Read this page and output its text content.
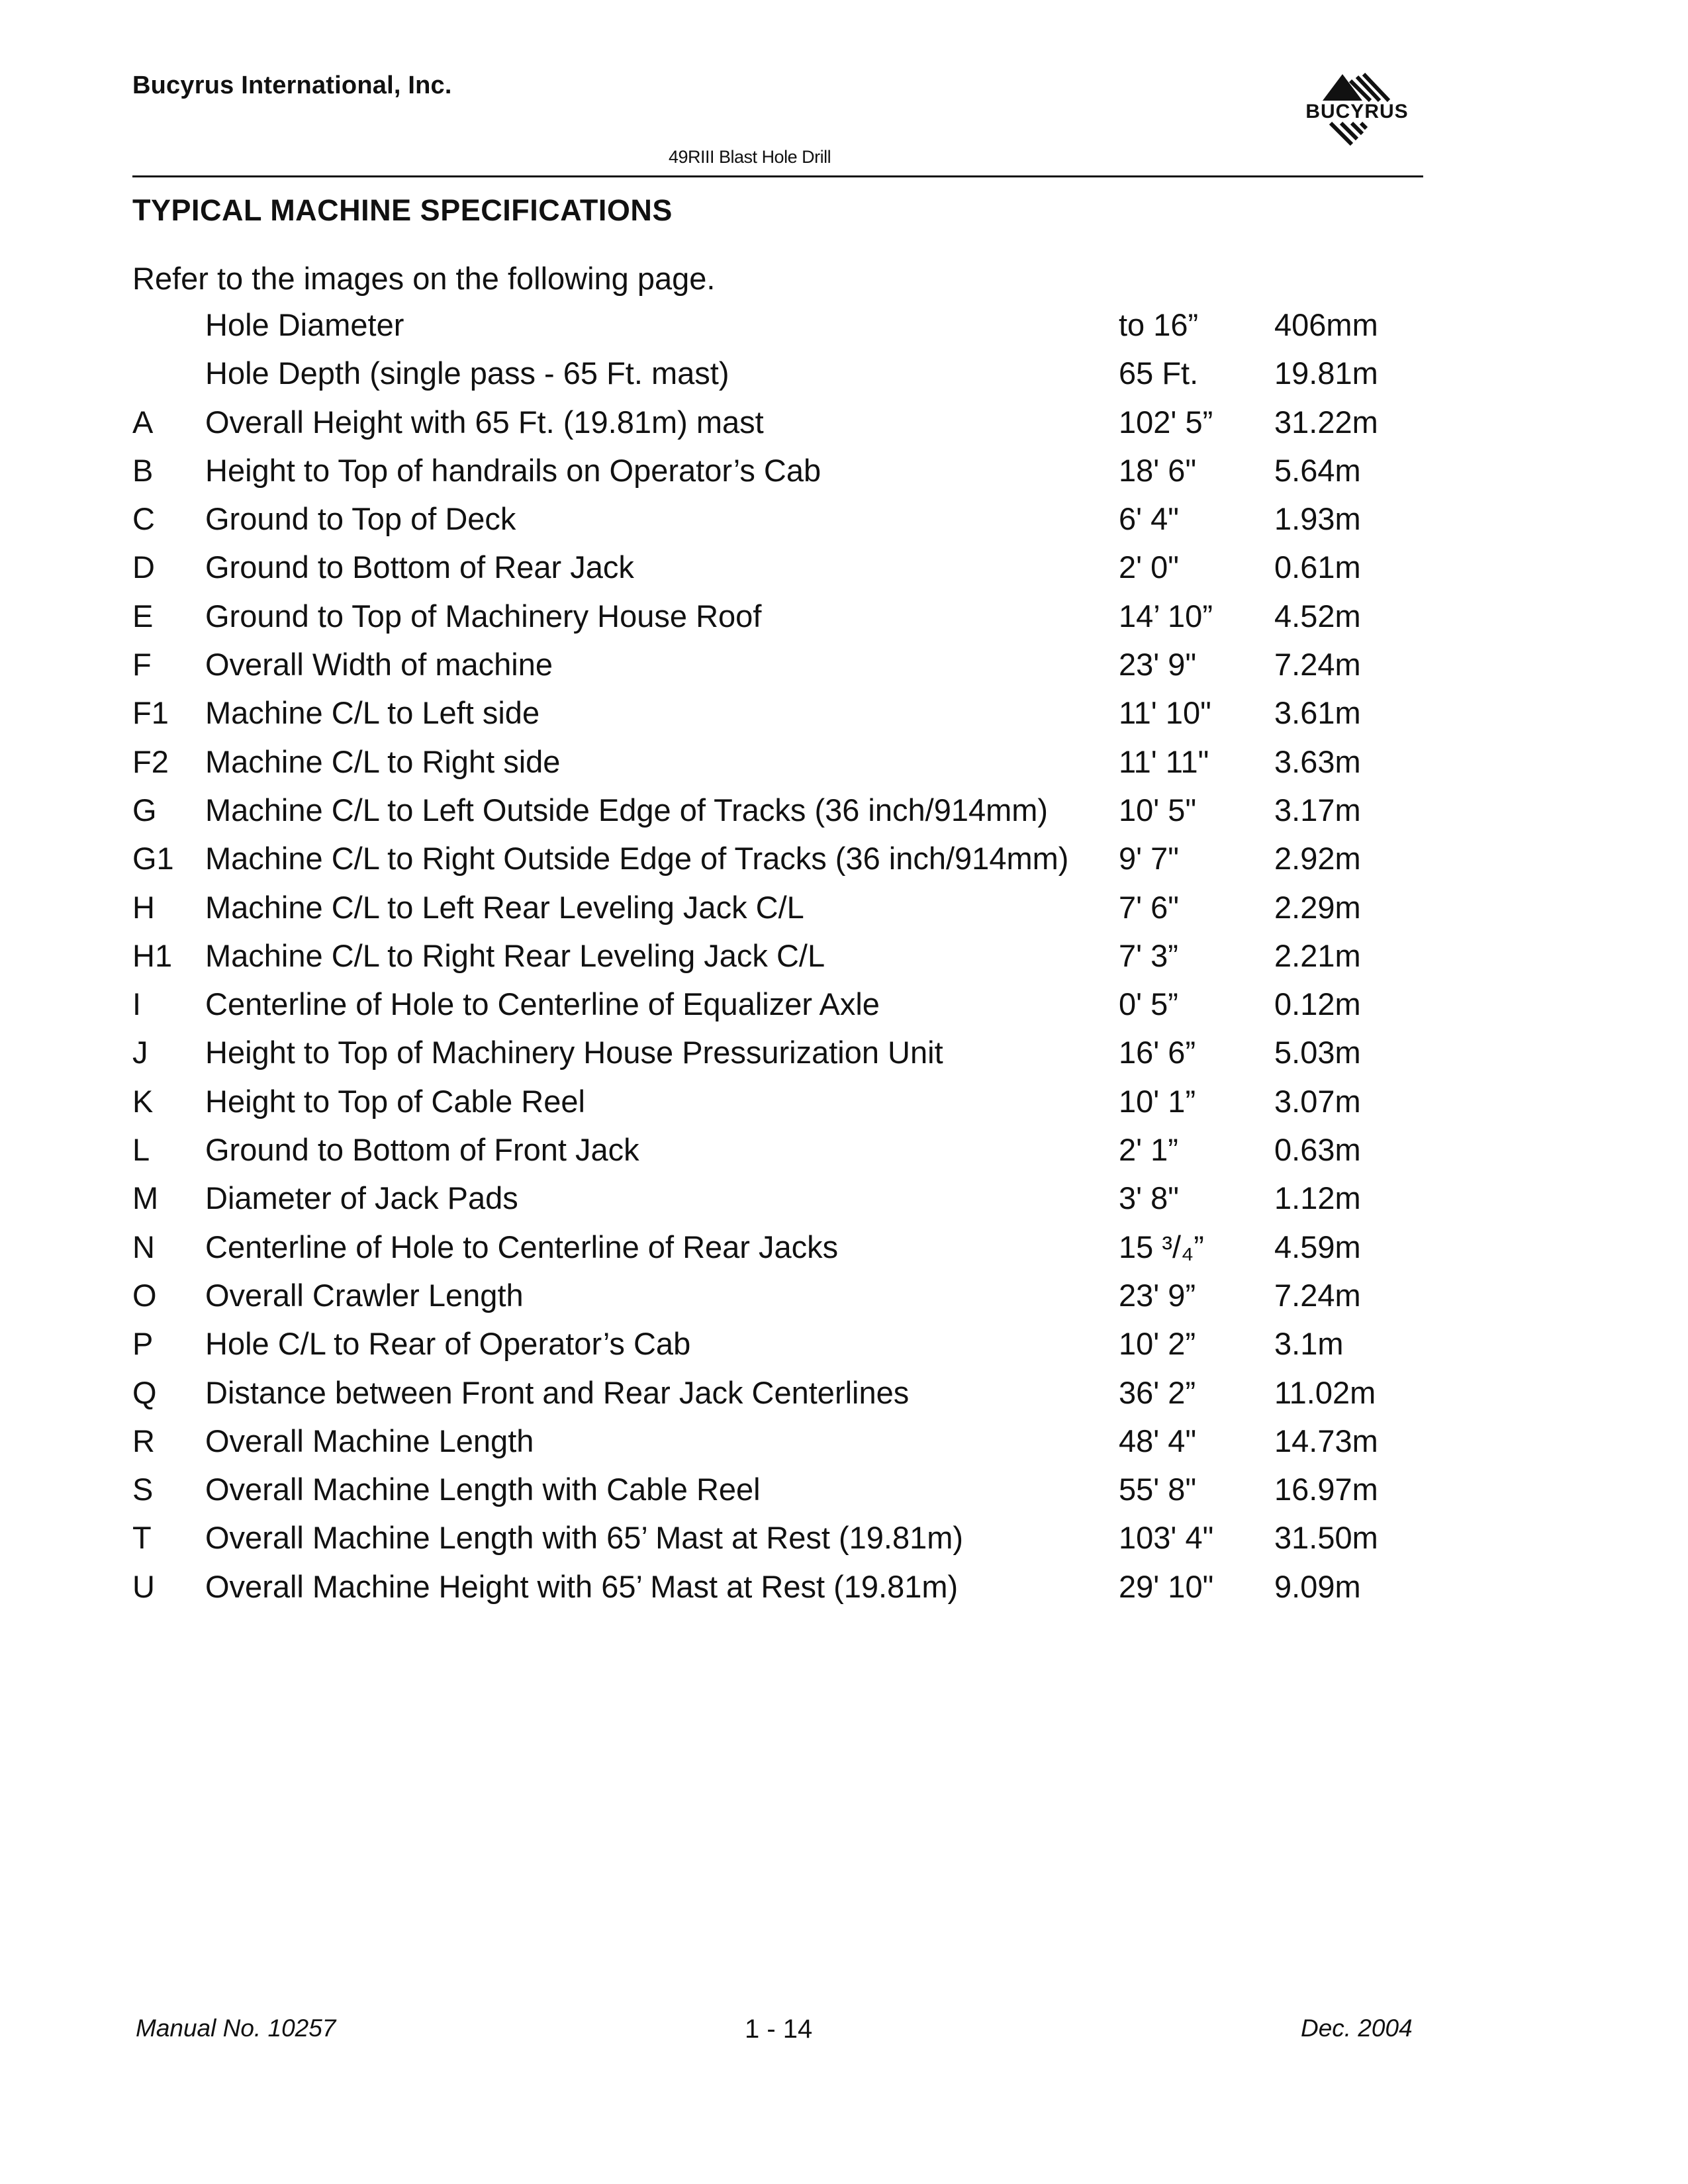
Bucyrus International, Inc.
BUCYRUS
49RIII Blast Hole Drill
TYPICAL MACHINE SPECIFICATIONS
Refer to the images on the following page.
Hole Diameter	to 16” 406mm
Hole Depth (single pass - 65 Ft. mast)	65 Ft. 19.81m
A Overall Height with 65 Ft. (19.81m) mast	102' 5” 31.22m
B Height to Top of handrails on Operator’s Cab	18' 6"	5.64m
C Ground to Top of Deck	6' 4"	1.93m
D Ground to Bottom of Rear Jack	2' 0"	0.61m
E Ground to Top of Machinery House Roof	14’ 10” 4.52m
F Overall Width of machine	23' 9"	7.24m
F1 Machine C/L to Left side	11' 10" 3.61m
F2 Machine C/L to Right side	11' 11" 3.63m
G Machine C/L to Left Outside Edge of Tracks (36 inch/914mm) 10' 5"	3.17m
G1 Machine C/L to Right Outside Edge of Tracks (36 inch/914mm) 9' 7"	2.92m
H Machine C/L to Left Rear Leveling Jack C/L	7' 6"	2.29m
H1 Machine C/L to Right Rear Leveling Jack C/L	7' 3”	2.21m
I Centerline of Hole to Centerline of Equalizer Axle	0' 5”	0.12m
J Height to Top of Machinery House Pressurization Unit	16' 6”	5.03m
K Height to Top of Cable Reel	10' 1”	3.07m
L Ground to Bottom of Front Jack	2' 1”	0.63m
M Diameter of Jack Pads	3' 8"	1.12m
N Centerline of Hole to Centerline of Rear Jacks	15 ³/₄” 4.59m
O Overall Crawler Length	23' 9”	7.24m
P Hole C/L to Rear of Operator’s Cab	10' 2”	3.1m
Q Distance between Front and Rear Jack Centerlines	36' 2”	11.02m
R Overall Machine Length	48' 4"	14.73m
S Overall Machine Length with Cable Reel	55' 8"	16.97m
T Overall Machine Length with 65’ Mast at Rest (19.81m)	103' 4" 31.50m
U Overall Machine Height with 65’ Mast at Rest (19.81m)	29' 10" 9.09m
Manual No. 10257	1 - 14	Dec. 2004
